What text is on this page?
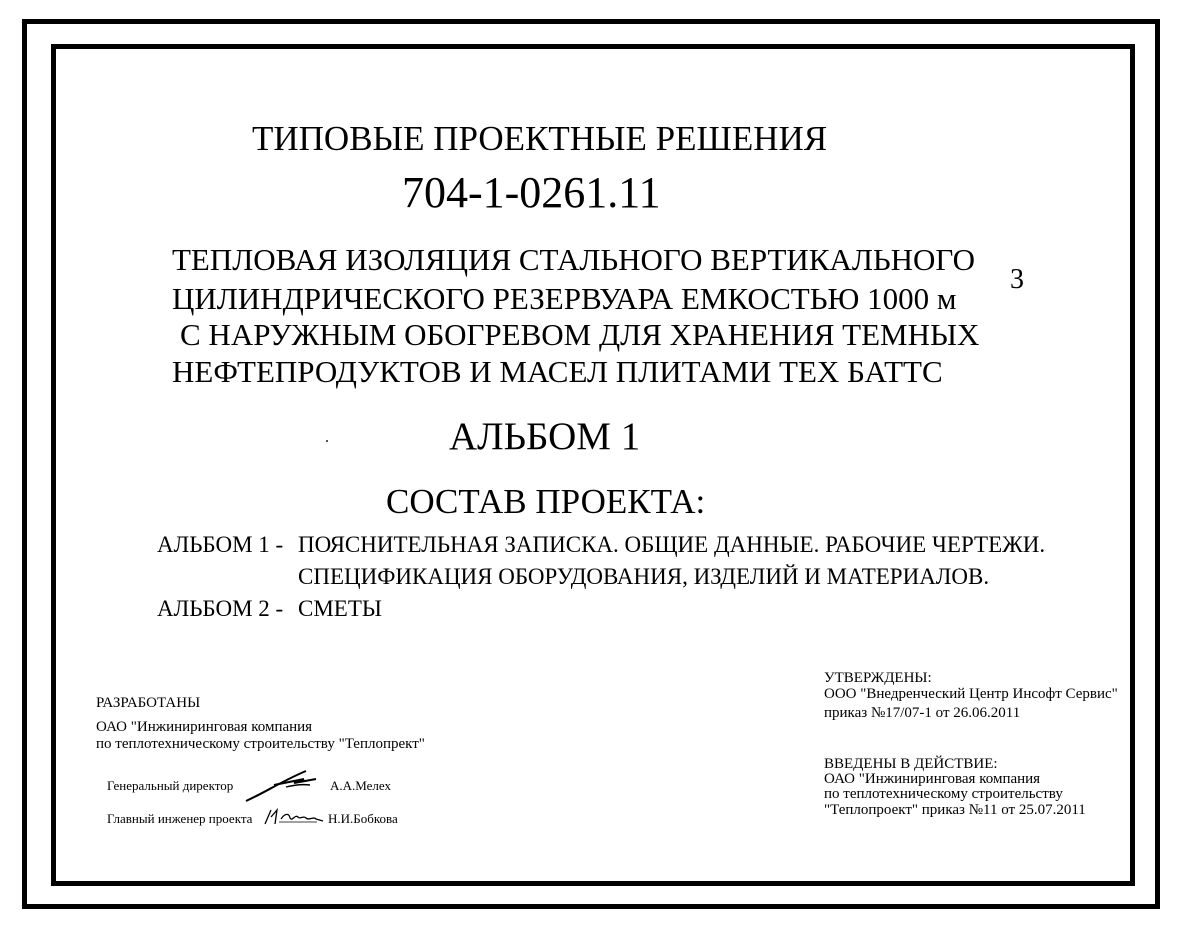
ТИПОВЫЕ ПРОЕКТНЫЕ РЕШЕНИЯ
704-1-0261.11
ТЕПЛОВАЯ ИЗОЛЯЦИЯ СТАЛЬНОГО ВЕРТИКАЛЬНОГО
ЦИЛИНДРИЧЕСКОГО РЕЗЕРВУАРА ЕМКОСТЬЮ 1000 м
3
С НАРУЖНЫМ ОБОГРЕВОМ ДЛЯ ХРАНЕНИЯ ТЕМНЫХ
НЕФТЕПРОДУКТОВ И МАСЕЛ ПЛИТАМИ ТЕХ БАТТС
АЛЬБОМ 1
СОСТАВ ПРОЕКТА:
АЛЬБОМ 1 - ПОЯСНИТЕЛЬНАЯ ЗАПИСКА. ОБЩИЕ ДАННЫЕ. РАБОЧИЕ ЧЕРТЕЖИ.
СПЕЦИФИКАЦИЯ ОБОРУДОВАНИЯ, ИЗДЕЛИЙ И МАТЕРИАЛОВ.
АЛЬБОМ 2 - СМЕТЫ
РАЗРАБОТАНЫ
ОАО "Инжиниринговая компания
по теплотехническому строительству "Теплопрект"
Генеральный директор	А.А.Мелех
Главный инженер проекта	Н.И.Бобкова
УТВЕРЖДЕНЫ:
ООО "Внедренческий Центр Инсофт Сервис"
приказ №17/07-1 от 26.06.2011
ВВЕДЕНЫ В ДЕЙСТВИЕ:
ОАО "Инжиниринговая компания
по теплотехническому строительству
"Теплопроект" приказ №11 от 25.07.2011
